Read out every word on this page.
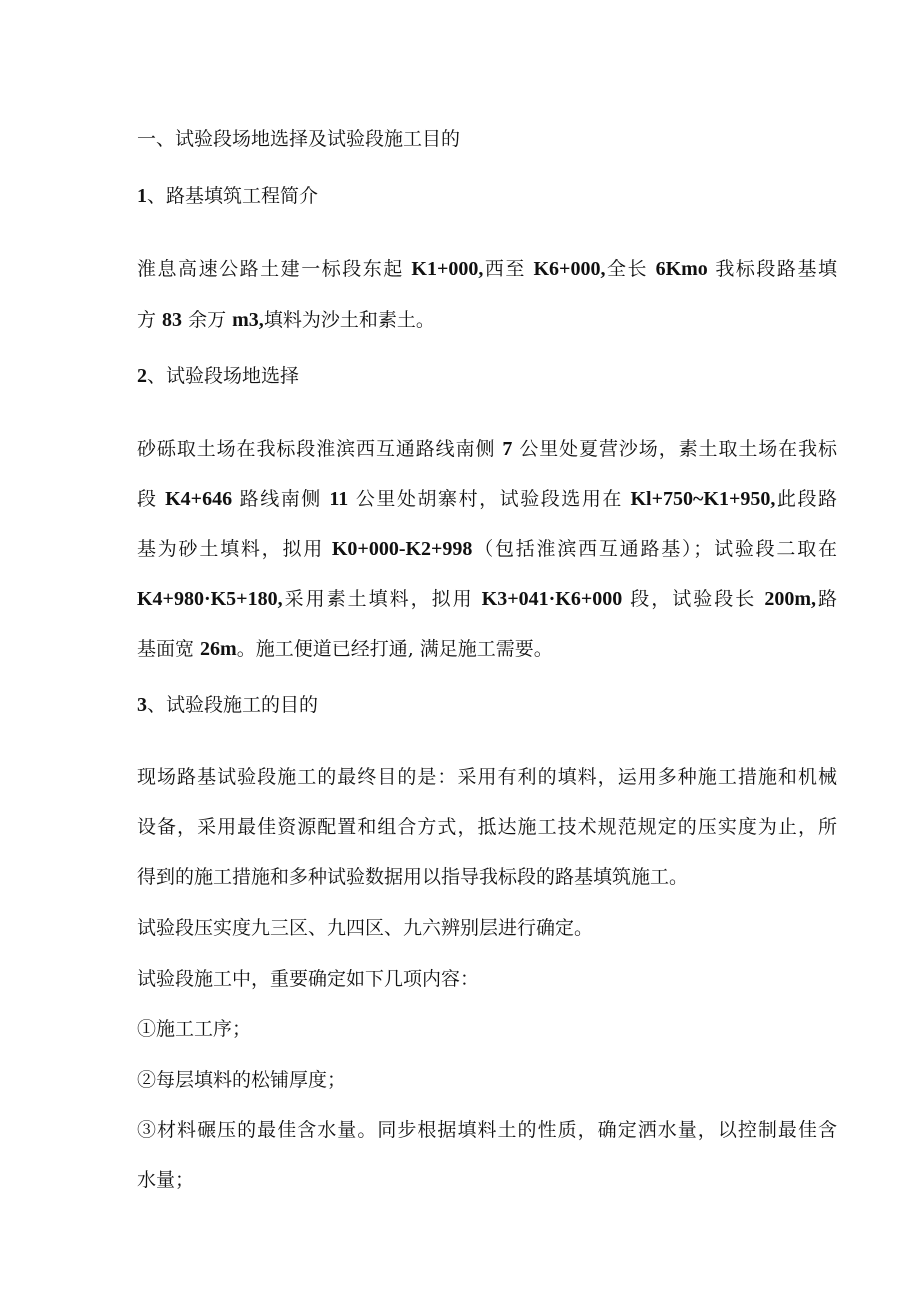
一、试验段场地选择及试验段施工目的
1、路基填筑工程简介
淮息高速公路土建一标段东起 K1+000,西至 K6+000,全长 6Kmo 我标段路基填
方 83 余万 m3,填料为沙土和素土。
2、试验段场地选择
砂砾取土场在我标段淮滨西互通路线南侧 7 公里处夏营沙场，素土取土场在我标
段 K4+646 路线南侧 11 公里处胡寨村，试验段选用在 Kl+750~K1+950,此段路
基为砂土填料，拟用 K0+000-K2+998（包括淮滨西互通路基）；试验段二取在
K4+980·K5+180,采用素土填料，拟用 K3+041·K6+000 段，试验段长 200m,路
基面宽 26m。施工便道已经打通, 满足施工需要。
3、试验段施工的目的
现场路基试验段施工的最终目的是：采用有利的填料，运用多种施工措施和机械
设备，采用最佳资源配置和组合方式，抵达施工技术规范规定的压实度为止，所
得到的施工措施和多种试验数据用以指导我标段的路基填筑施工。
试验段压实度九三区、九四区、九六辨别层进行确定。
试验段施工中，重要确定如下几项内容：
①施工工序；
②每层填料的松铺厚度；
③材料碾压的最佳含水量。同步根据填料土的性质，确定洒水量，以控制最佳含
水量；
